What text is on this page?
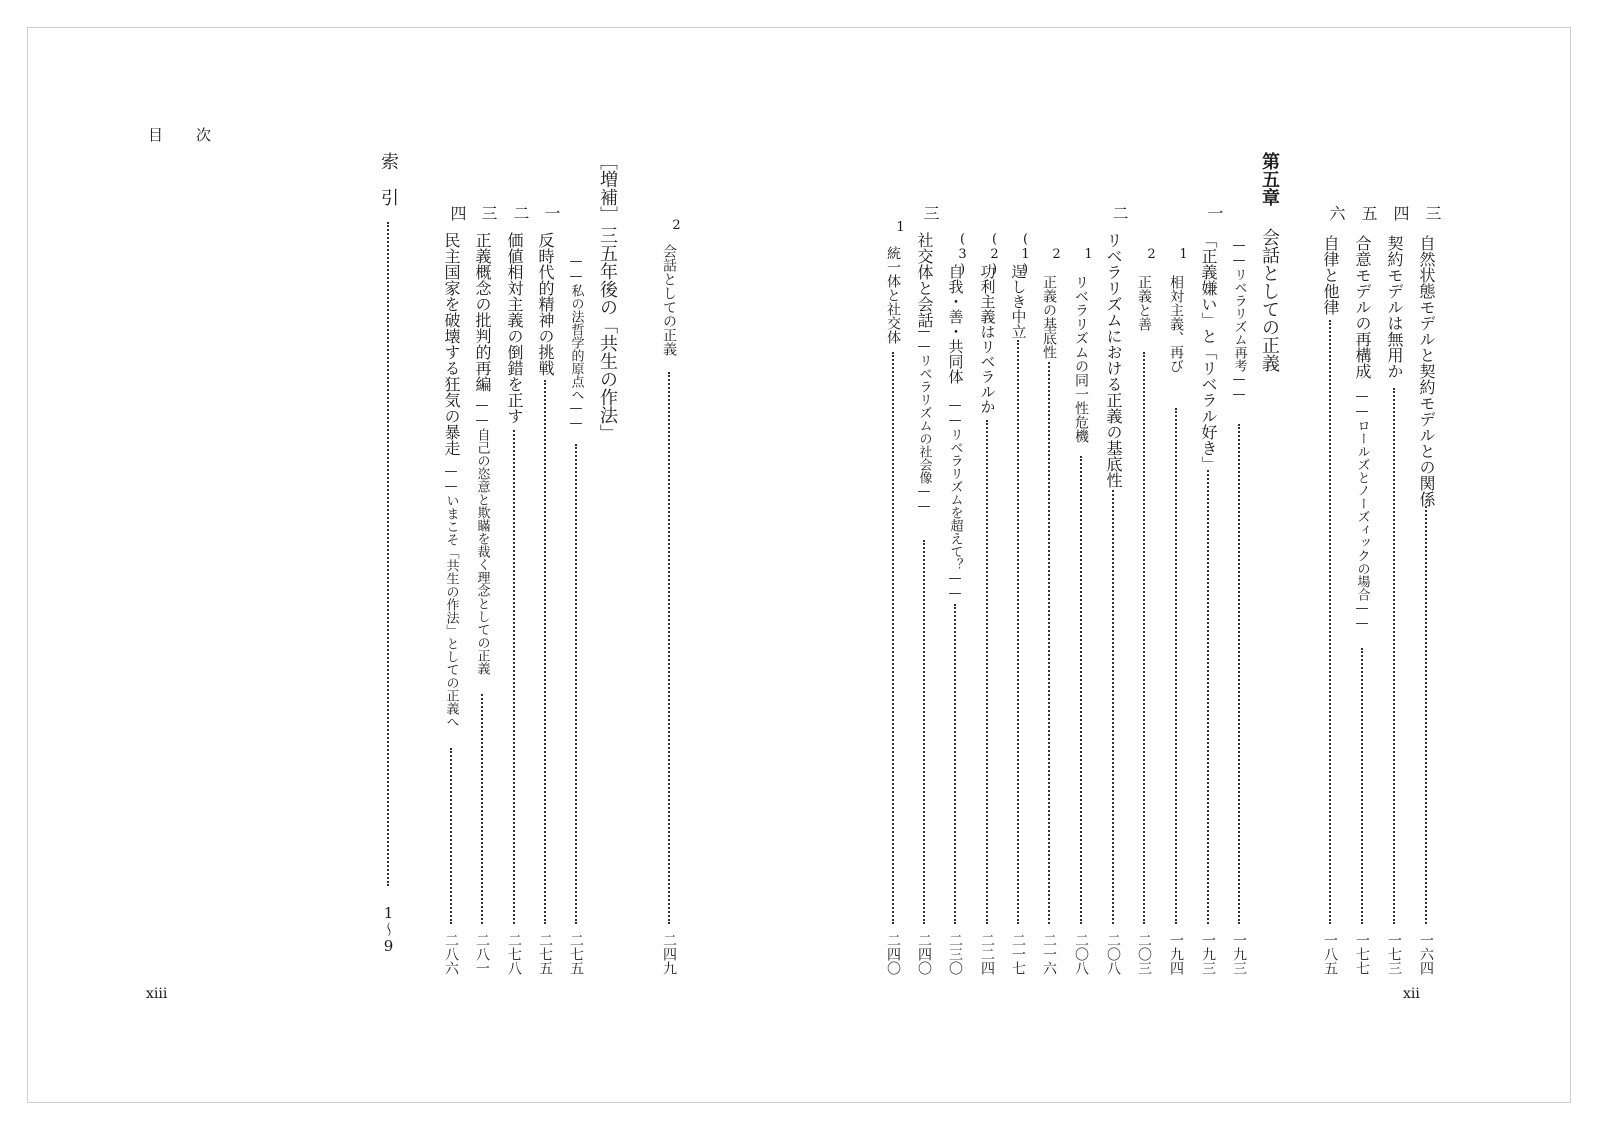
目　　次
xiii	xii
三
自然状態モデルと契約モデルとの関係
一六四
四
契約モデルは無用か
一七三
五
合意モデルの再構成
——ロールズとノーズィックの場合——
一七七
六
自律と他律
一八五
第五章
会話としての正義
——リベラリズム再考——
一九三
一
「正義嫌い」と「リベラル好き」
一九三
1
相対主義、再び
一九四
2
正義と善
二〇三
二
リベラリズムにおける正義の基底性
二〇八
1
リベラリズムの同一性危機
二〇八
2
正義の基底性
二一六
(1)
逞しき中立
二一七
(2)
功利主義はリベラルか
二二四
(3)
自我・善・共同体
——リベラリズムを超えて？——
二三〇
三
社交体と会話
——リベラリズムの社会像——
二四〇
1
統一体と社交体
二四〇
2
会話としての正義
二四九
［増補］
三五年後の「共生の作法」
——私の法哲学的原点へ——
二七五
一
反時代的精神の挑戦
二七五
二
価値相対主義の倒錯を正す
二七八
三
正義概念の批判的再編
——自己の恣意と欺瞞を裁く理念としての正義
二八一
四
民主国家を破壊する狂気の暴走
——いまこそ「共生の作法」としての正義へ
二八六
索
引
1〜9
